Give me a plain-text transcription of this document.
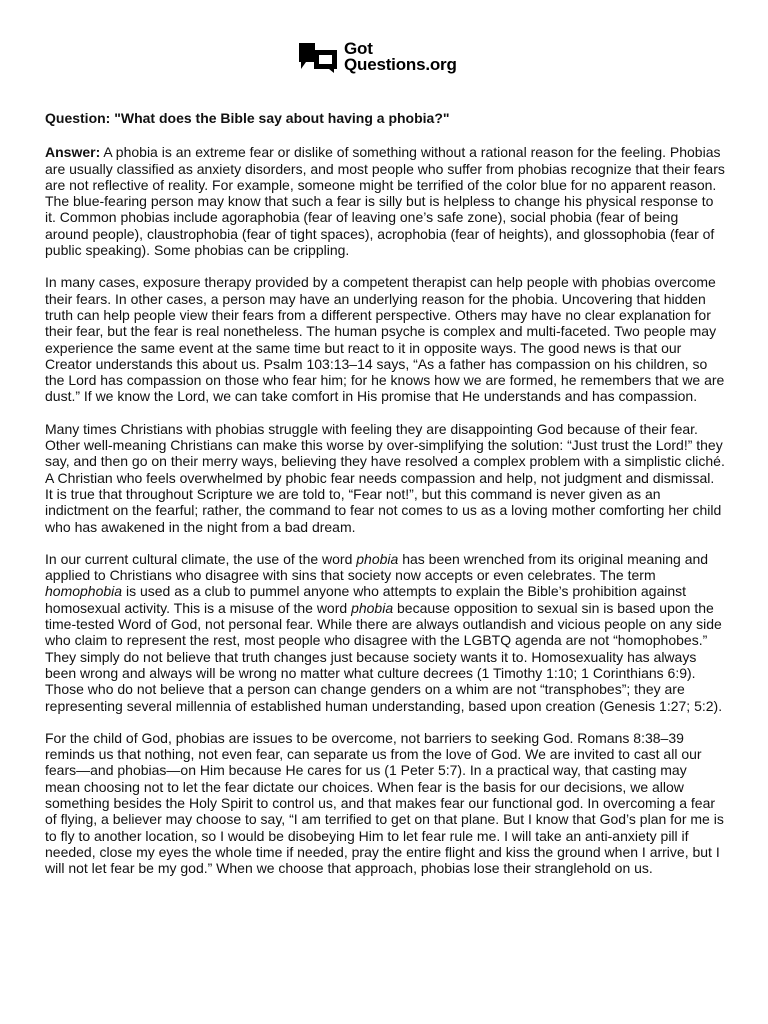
Got
Questions.org
Question: "What does the Bible say about having a phobia?"

Answer: A phobia is an extreme fear or dislike of something without a rational reason for the feeling. Phobias are usually classified as anxiety disorders, and most people who suffer from phobias recognize that their fears are not reflective of reality. For example, someone might be terrified of the color blue for no apparent reason. The blue-fearing person may know that such a fear is silly but is helpless to change his physical response to it. Common phobias include agoraphobia (fear of leaving one’s safe zone), social phobia (fear of being around people), claustrophobia (fear of tight spaces), acrophobia (fear of heights), and glossophobia (fear of public speaking). Some phobias can be crippling.

In many cases, exposure therapy provided by a competent therapist can help people with phobias overcome their fears. In other cases, a person may have an underlying reason for the phobia. Uncovering that hidden truth can help people view their fears from a different perspective. Others may have no clear explanation for their fear, but the fear is real nonetheless. The human psyche is complex and multi-faceted. Two people may experience the same event at the same time but react to it in opposite ways. The good news is that our Creator understands this about us. Psalm 103:13–14 says, “As a father has compassion on his children, so the Lord has compassion on those who fear him; for he knows how we are formed, he remembers that we are dust.” If we know the Lord, we can take comfort in His promise that He understands and has compassion.

Many times Christians with phobias struggle with feeling they are disappointing God because of their fear. Other well-meaning Christians can make this worse by over-simplifying the solution: “Just trust the Lord!” they say, and then go on their merry ways, believing they have resolved a complex problem with a simplistic cliché. A Christian who feels overwhelmed by phobic fear needs compassion and help, not judgment and dismissal. It is true that throughout Scripture we are told to, “Fear not!”, but this command is never given as an indictment on the fearful; rather, the command to fear not comes to us as a loving mother comforting her child who has awakened in the night from a bad dream.

In our current cultural climate, the use of the word phobia has been wrenched from its original meaning and applied to Christians who disagree with sins that society now accepts or even celebrates. The term homophobia is used as a club to pummel anyone who attempts to explain the Bible’s prohibition against homosexual activity. This is a misuse of the word phobia because opposition to sexual sin is based upon the time-tested Word of God, not personal fear. While there are always outlandish and vicious people on any side who claim to represent the rest, most people who disagree with the LGBTQ agenda are not “homophobes.” They simply do not believe that truth changes just because society wants it to. Homosexuality has always been wrong and always will be wrong no matter what culture decrees (1 Timothy 1:10; 1 Corinthians 6:9). Those who do not believe that a person can change genders on a whim are not “transphobes”; they are representing several millennia of established human understanding, based upon creation (Genesis 1:27; 5:2).

For the child of God, phobias are issues to be overcome, not barriers to seeking God. Romans 8:38–39 reminds us that nothing, not even fear, can separate us from the love of God. We are invited to cast all our fears—and phobias—on Him because He cares for us (1 Peter 5:7). In a practical way, that casting may mean choosing not to let the fear dictate our choices. When fear is the basis for our decisions, we allow something besides the Holy Spirit to control us, and that makes fear our functional god. In overcoming a fear of flying, a believer may choose to say, “I am terrified to get on that plane. But I know that God’s plan for me is to fly to another location, so I would be disobeying Him to let fear rule me. I will take an anti-anxiety pill if needed, close my eyes the whole time if needed, pray the entire flight and kiss the ground when I arrive, but I will not let fear be my god.” When we choose that approach, phobias lose their stranglehold on us.
